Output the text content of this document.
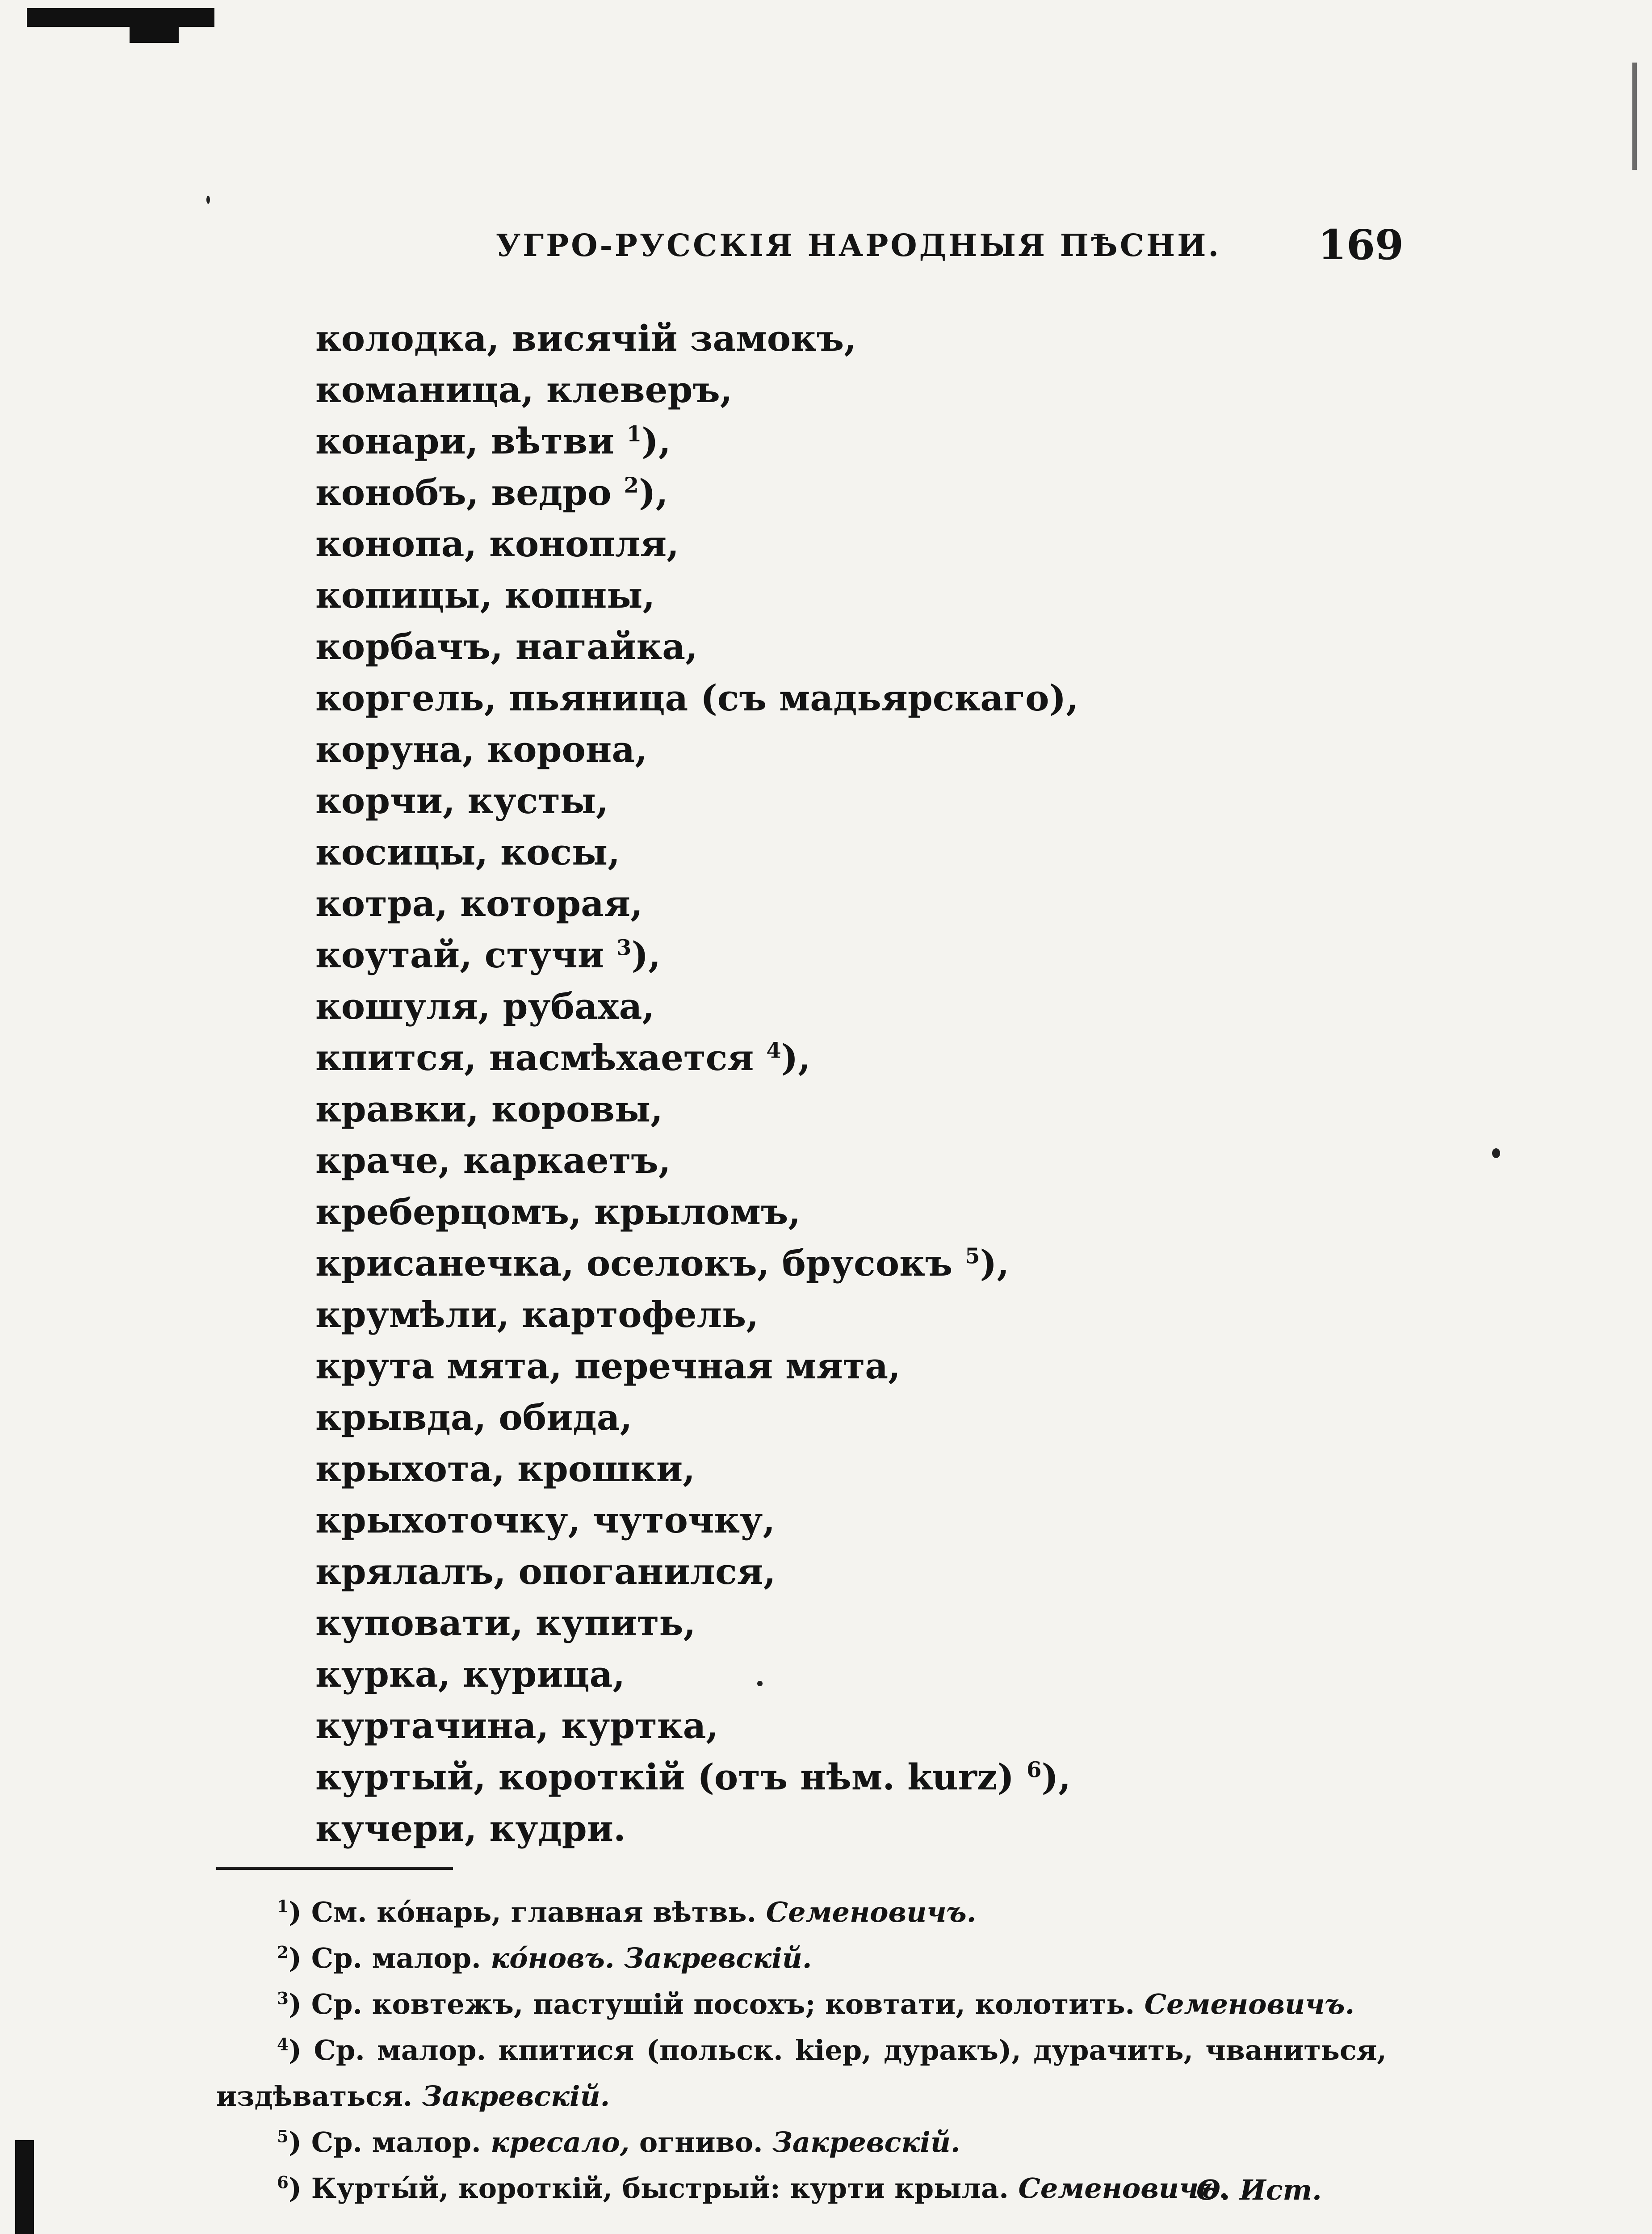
УГРО-РУССКІЯ НАРОДНЫЯ ПѢСНИ. 169
колодка, висячій замокъ,
команица, клеверъ,
конари, вѣтви $^1$),
конобъ, ведро $^2$),
конопа, конопля,
копицы, копны,
корбачъ, нагайка,
коргель, пьяница (съ мадьярскаго),
коруна, корона,
корчи, кусты,
косицы, косы,
котра, которая,
коутай, стучи $^3$),
кошуля, рубаха,
кпится, насмѣхается $^4$),
кравки, коровы,
краче, каркаетъ,
креберцомъ, крыломъ,
крисанечка, оселокъ, брусокъ $^5$),
крумѣли, картофель,
крута мята, перечная мята,
крывда, обида,
крыхота, крошки,
крыхоточку, чуточку,
крялалъ, опоганился,
куповати, купить,
курка, курица,
куртачина, куртка,
куртый, короткій (отъ нѣм. kurz) $^6$),
кучери, кудри.
$^1$) См. ко́нарь, главная вѣтвь. Семеновичъ.
$^2$) Ср. малор. ко́новъ. Закревскій.
$^3$) Ср. ковтежъ, пастушій посохъ; ковтати, колотить. Семеновичъ.
$^4$) Ср. малор. кпитися (польск. kiep, дуракъ), дурачить, чваниться, издѣваться. Закревскій.
$^5$) Ср. малор. кресало, огниво. Закревскій.
$^6$) Курты́й, короткій, быстрый: курти крыла. Семеновичъ.
Ѳ. Ист.
